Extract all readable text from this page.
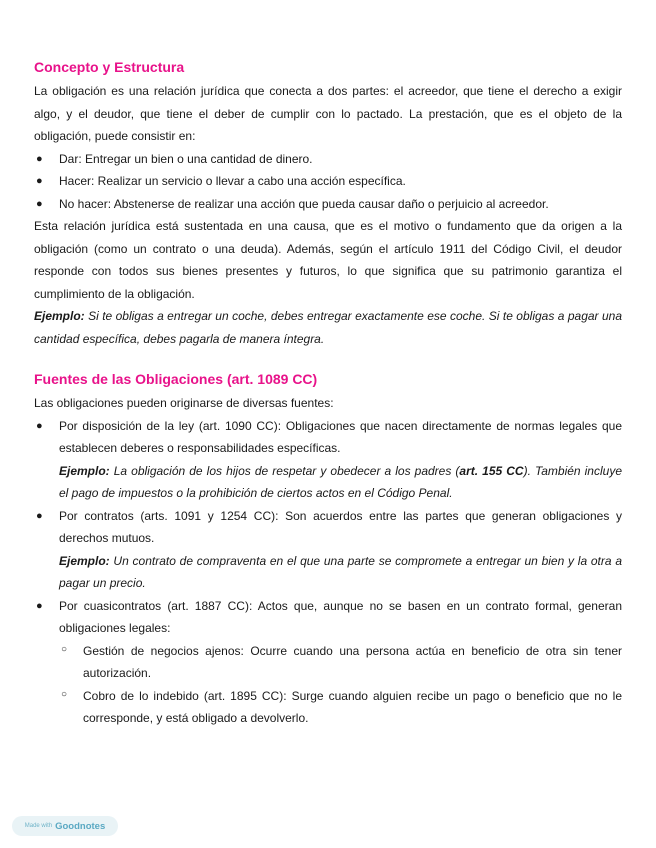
Concepto y Estructura

La obligación es una relación jurídica que conecta a dos partes: el acreedor, que tiene el derecho a exigir algo, y el deudor, que tiene el deber de cumplir con lo pactado. La prestación, que es el objeto de la obligación, puede consistir en:

● Dar: Entregar un bien o una cantidad de dinero.
● Hacer: Realizar un servicio o llevar a cabo una acción específica.
● No hacer: Abstenerse de realizar una acción que pueda causar daño o perjuicio al acreedor.

Esta relación jurídica está sustentada en una causa, que es el motivo o fundamento que da origen a la obligación (como un contrato o una deuda). Además, según el artículo 1911 del Código Civil, el deudor responde con todos sus bienes presentes y futuros, lo que significa que su patrimonio garantiza el cumplimiento de la obligación.

Ejemplo: Si te obligas a entregar un coche, debes entregar exactamente ese coche. Si te obligas a pagar una cantidad específica, debes pagarla de manera íntegra.

Fuentes de las Obligaciones (art. 1089 CC)

Las obligaciones pueden originarse de diversas fuentes:

● Por disposición de la ley (art. 1090 CC): Obligaciones que nacen directamente de normas legales que establecen deberes o responsabilidades específicas.
Ejemplo: La obligación de los hijos de respetar y obedecer a los padres (art. 155 CC). También incluye el pago de impuestos o la prohibición de ciertos actos en el Código Penal.
● Por contratos (arts. 1091 y 1254 CC): Son acuerdos entre las partes que generan obligaciones y derechos mutuos.
Ejemplo: Un contrato de compraventa en el que una parte se compromete a entregar un bien y la otra a pagar un precio.
● Por cuasicontratos (art. 1887 CC): Actos que, aunque no se basen en un contrato formal, generan obligaciones legales:
○ Gestión de negocios ajenos: Ocurre cuando una persona actúa en beneficio de otra sin tener autorización.
○ Cobro de lo indebido (art. 1895 CC): Surge cuando alguien recibe un pago o beneficio que no le corresponde, y está obligado a devolverlo.
Made with Goodnotes
